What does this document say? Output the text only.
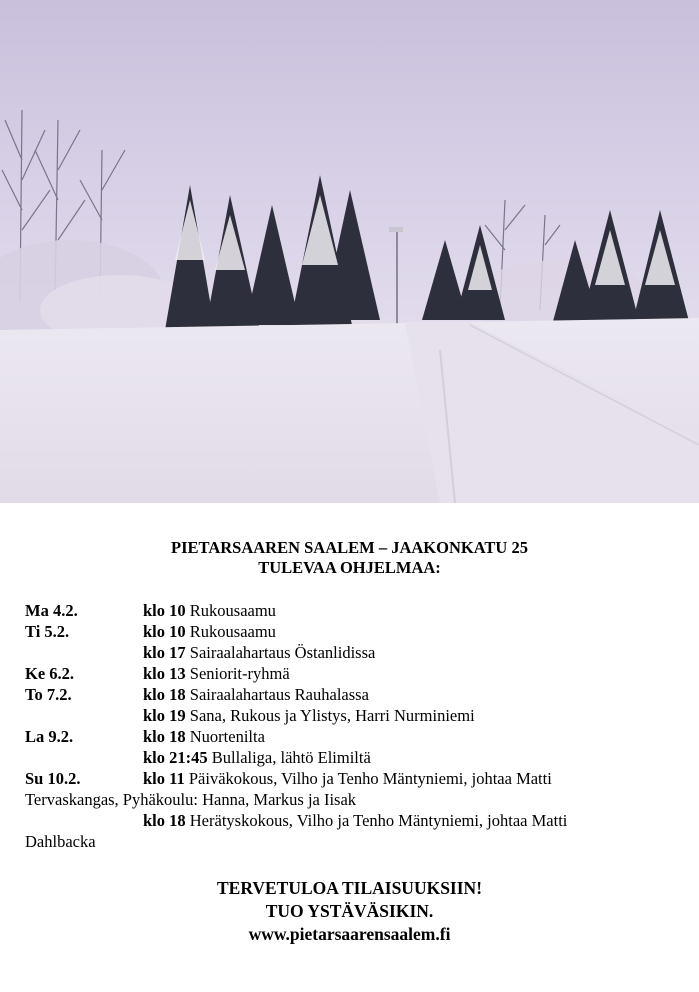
PIETARSAAREN SAALEM – JAAKONKATU 25
TULEVAA OHJELMAA:
Ma 4.2.	klo 10 Rukousaamu
Ti 5.2.	klo 10 Rukousaamu
klo 17 Sairaalahartaus Östanlidissa
Ke 6.2.	klo 13 Seniorit-ryhmä
To 7.2.	klo 18 Sairaalahartaus Rauhalassa
klo 19 Sana, Rukous ja Ylistys, Harri Nurminiemi
La 9.2.	klo 18 Nuortenilta
klo 21:45 Bullaliga, lähtö Elimiltä
Su 10.2.	klo 11 Päiväkokous, Vilho ja Tenho Mäntyniemi, johtaa Matti
Tervaskangas, Pyhäkoulu: Hanna, Markus ja Iisak
klo 18 Herätyskokous, Vilho ja Tenho Mäntyniemi, johtaa Matti
Dahlbacka
TERVETULOA TILAISUUKSIIN!
TUO YSTÄVÄSIKIN.
www.pietarsaarensaalem.fi
